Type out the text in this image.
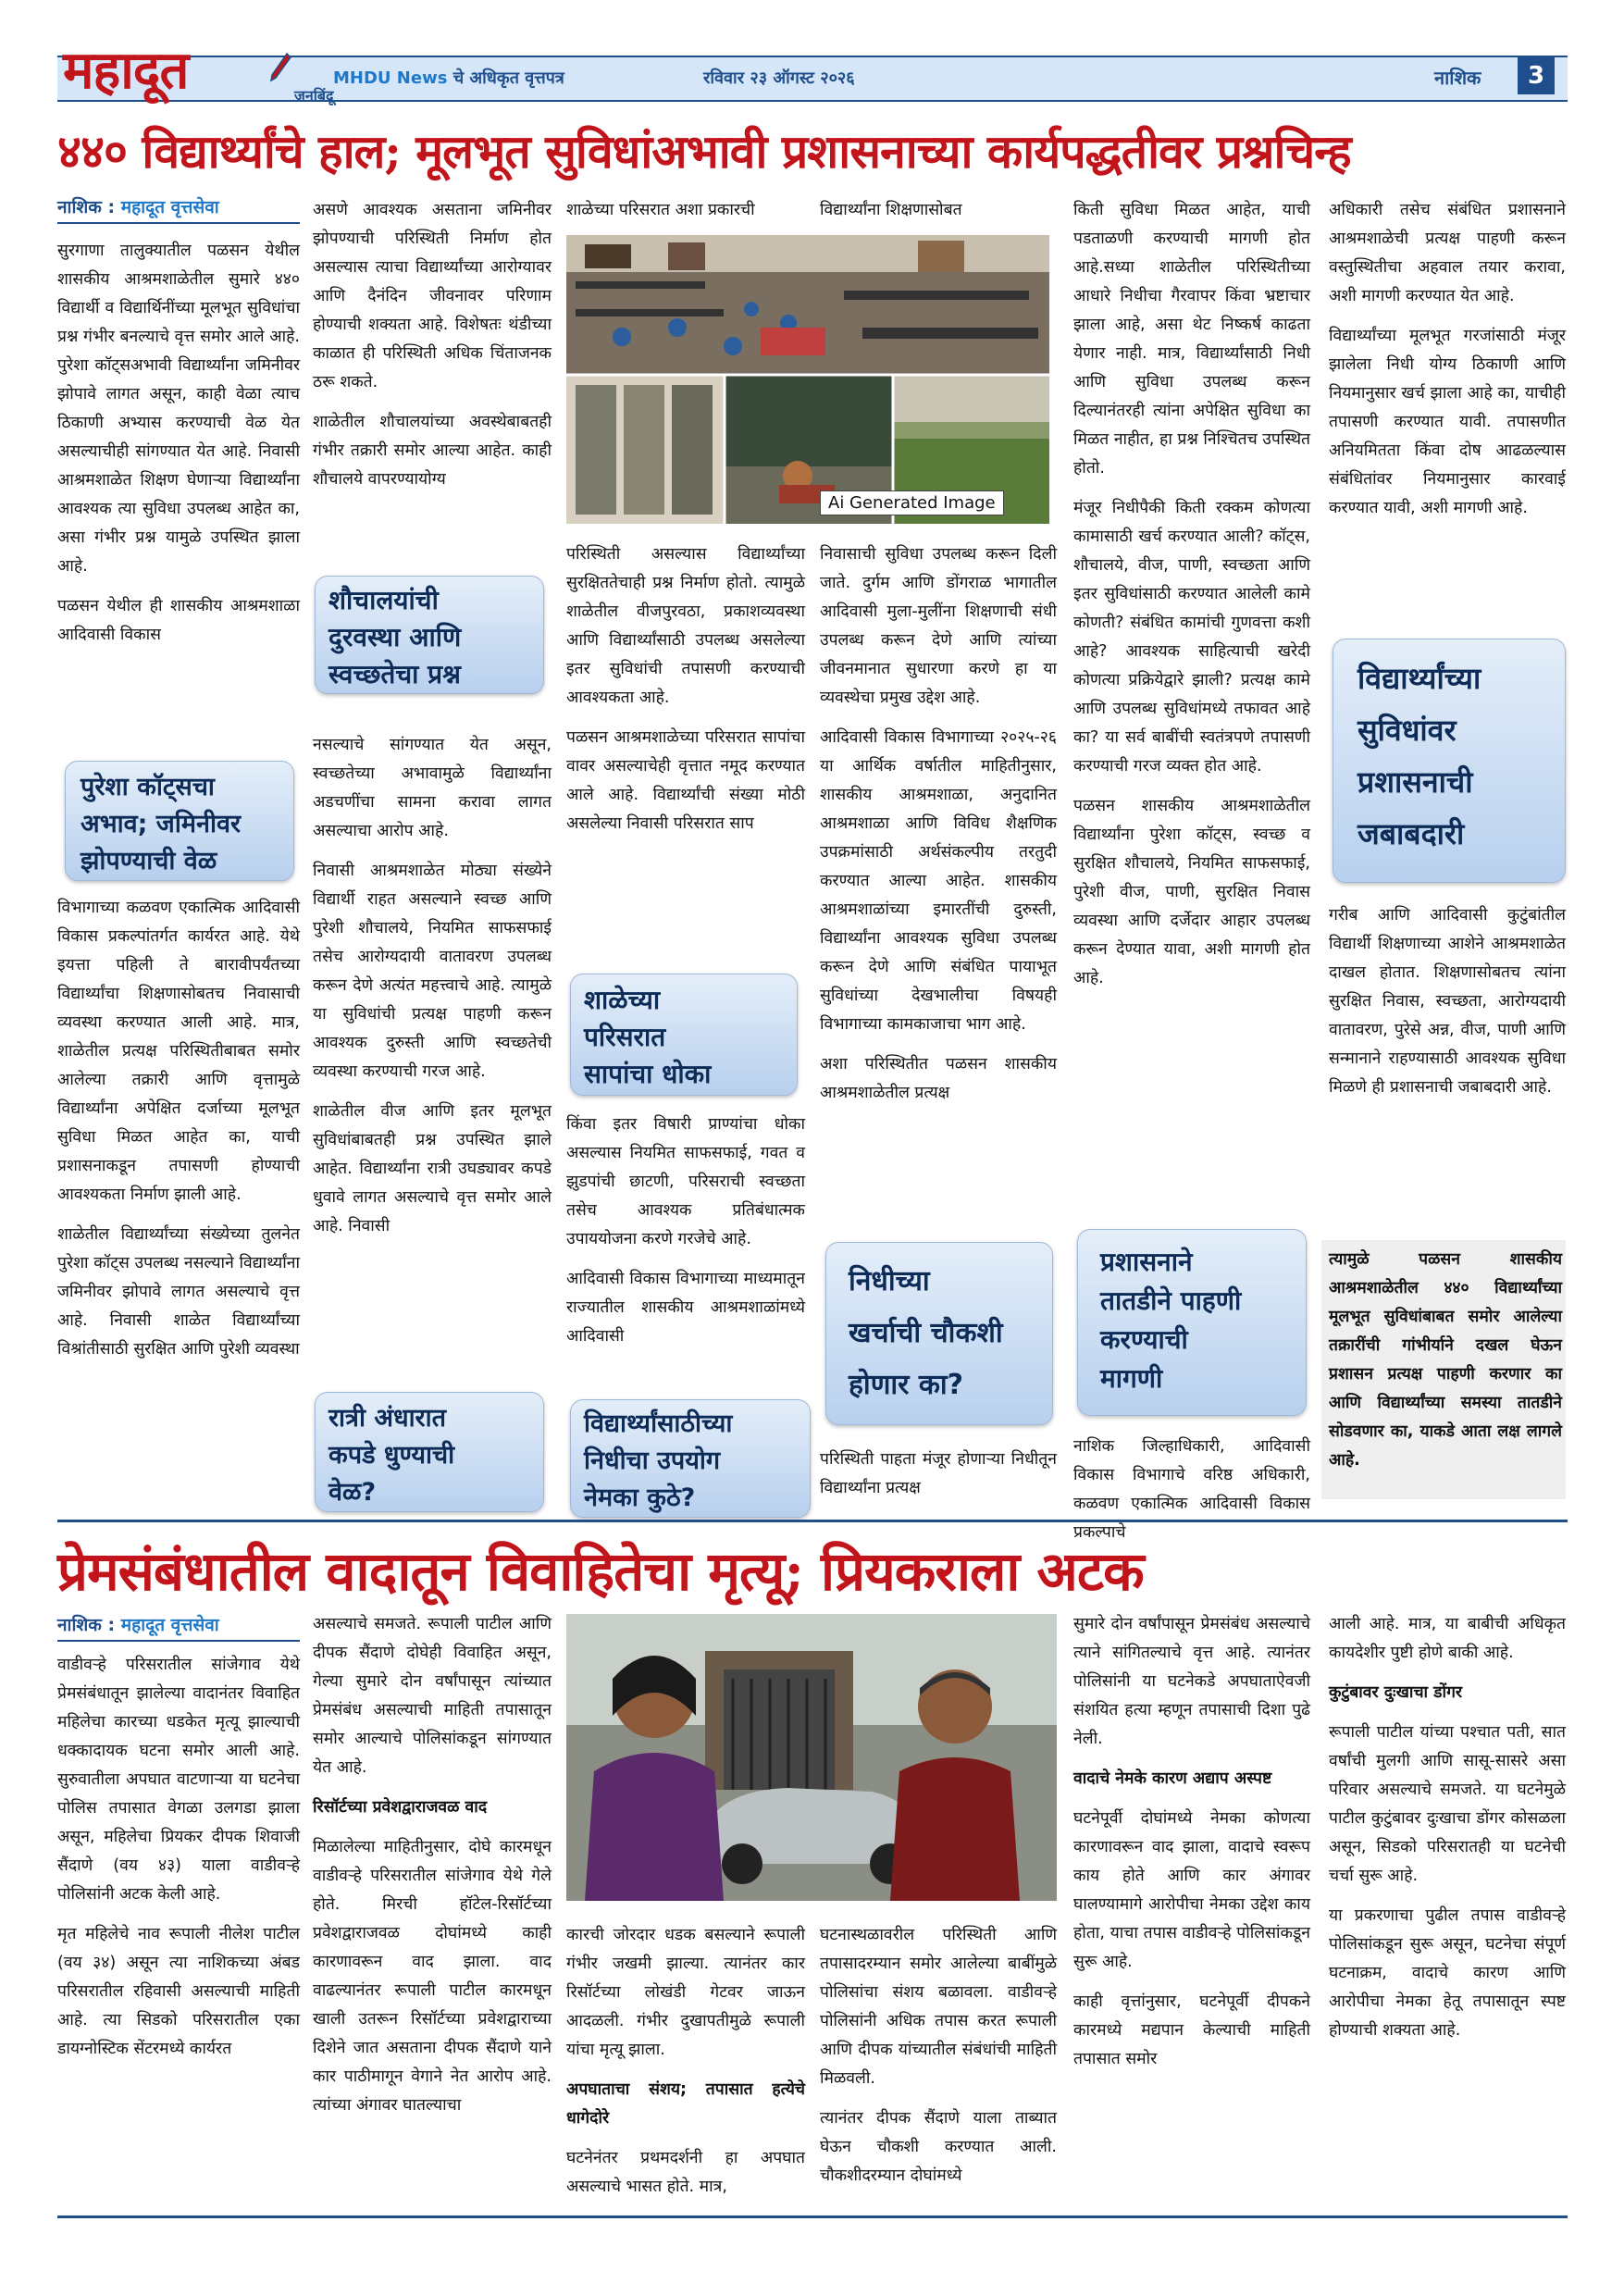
महादूत	जनबिंदू
MHDU News चे अधिकृत वृत्तपत्र	रविवार २३ ऑगस्ट २०२६	नाशिक	3
४४० विद्यार्थ्यांचे हाल; मूलभूत सुविधांअभावी प्रशासनाच्या कार्यपद्धतीवर प्रश्नचिन्ह
नाशिक : महादूत वृत्तसेवा

सुरगाणा तालुक्यातील पळसन येथील शासकीय आश्रमशाळेतील सुमारे ४४० विद्यार्थी व विद्यार्थिनींच्या मूलभूत सुविधांचा प्रश्न गंभीर बनल्याचे वृत्त समोर आले आहे. पुरेशा कॉट्सअभावी विद्यार्थ्यांना जमिनीवर झोपावे लागत असून, काही वेळा त्याच ठिकाणी अभ्यास करण्याची वेळ येत असल्याचीही सांगण्यात येत आहे. निवासी आश्रमशाळेत शिक्षण घेणाऱ्या विद्यार्थ्यांना आवश्यक त्या सुविधा उपलब्ध आहेत का, असा गंभीर प्रश्न यामुळे उपस्थित झाला आहे.

पळसन येथील ही शासकीय आश्रमशाळा आदिवासी विकास

पुरेशा कॉट्सचा
अभाव; जमिनीवर
झोपण्याची वेळ

विभागाच्या कळवण एकात्मिक आदिवासी विकास प्रकल्पांतर्गत कार्यरत आहे. येथे इयत्ता पहिली ते बारावीपर्यंतच्या विद्यार्थ्यांचा शिक्षणासोबतच निवासाची व्यवस्था करण्यात आली आहे. मात्र, शाळेतील प्रत्यक्ष परिस्थितीबाबत समोर आलेल्या तक्रारी आणि वृत्तामुळे विद्यार्थ्यांना अपेक्षित दर्जाच्या मूलभूत सुविधा मिळत आहेत का, याची प्रशासनाकडून तपासणी होण्याची आवश्यकता निर्माण झाली आहे.

शाळेतील विद्यार्थ्यांच्या संख्येच्या तुलनेत पुरेशा कॉट्स उपलब्ध नसल्याने विद्यार्थ्यांना जमिनीवर झोपावे लागत असल्याचे वृत्त आहे. निवासी शाळेत विद्यार्थ्यांच्या विश्रांतीसाठी सुरक्षित आणि पुरेशी व्यवस्था

असणे आवश्यक असताना जमिनीवर झोपण्याची परिस्थिती निर्माण होत असल्यास त्याचा विद्यार्थ्यांच्या आरोग्यावर आणि दैनंदिन जीवनावर परिणाम होण्याची शक्यता आहे. विशेषतः थंडीच्या काळात ही परिस्थिती अधिक चिंताजनक ठरू शकते.

शाळेतील शौचालयांच्या अवस्थेबाबतही गंभीर तक्रारी समोर आल्या आहेत. काही शौचालये वापरण्यायोग्य

शौचालयांची
दुरवस्था आणि
स्वच्छतेचा प्रश्न

नसल्याचे सांगण्यात येत असून, स्वच्छतेच्या अभावामुळे विद्यार्थ्यांना अडचणींचा सामना करावा लागत असल्याचा आरोप आहे.

निवासी आश्रमशाळेत मोठ्या संख्येने विद्यार्थी राहत असल्याने स्वच्छ आणि पुरेशी शौचालये, नियमित साफसफाई तसेच आरोग्यदायी वातावरण उपलब्ध करून देणे अत्यंत महत्त्वाचे आहे. त्यामुळे या सुविधांची प्रत्यक्ष पाहणी करून आवश्यक दुरुस्ती आणि स्वच्छतेची व्यवस्था करण्याची गरज आहे.

शाळेतील वीज आणि इतर मूलभूत सुविधांबाबतही प्रश्न उपस्थित झाले आहेत. विद्यार्थ्यांना रात्री उघड्यावर कपडे धुवावे लागत असल्याचे वृत्त समोर आले आहे. निवासी

रात्री अंधारात
कपडे धुण्याची
वेळ?
शाळेच्या परिसरात अशा प्रकारची
Ai Generated Image

परिस्थिती असल्यास विद्यार्थ्यांच्या सुरक्षिततेचाही प्रश्न निर्माण होतो. त्यामुळे शाळेतील वीजपुरवठा, प्रकाशव्यवस्था आणि विद्यार्थ्यांसाठी उपलब्ध असलेल्या इतर सुविधांची तपासणी करण्याची आवश्यकता आहे.

पळसन आश्रमशाळेच्या परिसरात सापांचा वावर असल्याचेही वृत्तात नमूद करण्यात आले आहे. विद्यार्थ्यांची संख्या मोठी असलेल्या निवासी परिसरात साप

शाळेच्या
परिसरात
सापांचा धोका

किंवा इतर विषारी प्राण्यांचा धोका असल्यास नियमित साफसफाई, गवत व झुडपांची छाटणी, परिसराची स्वच्छता तसेच आवश्यक प्रतिबंधात्मक उपाययोजना करणे गरजेचे आहे.

आदिवासी विकास विभागाच्या माध्यमातून राज्यातील शासकीय आश्रमशाळांमध्ये आदिवासी

विद्यार्थ्यांसाठीच्या
निधीचा उपयोग
नेमका कुठे?
विद्यार्थ्यांना शिक्षणासोबत

निवासाची सुविधा उपलब्ध करून दिली जाते. दुर्गम आणि डोंगराळ भागातील आदिवासी मुला-मुलींना शिक्षणाची संधी उपलब्ध करून देणे आणि त्यांच्या जीवनमानात सुधारणा करणे हा या व्यवस्थेचा प्रमुख उद्देश आहे.

आदिवासी विकास विभागाच्या २०२५-२६ या आर्थिक वर्षातील माहितीनुसार, शासकीय आश्रमशाळा, अनुदानित आश्रमशाळा आणि विविध शैक्षणिक उपक्रमांसाठी अर्थसंकल्पीय तरतुदी करण्यात आल्या आहेत. शासकीय आश्रमशाळांच्या इमारतींची दुरुस्ती, विद्यार्थ्यांना आवश्यक सुविधा उपलब्ध करून देणे आणि संबंधित पायाभूत सुविधांच्या देखभालीचा विषयही विभागाच्या कामकाजाचा भाग आहे.

अशा परिस्थितीत पळसन शासकीय आश्रमशाळेतील प्रत्यक्ष

निधीच्या
खर्चाची चौकशी
होणार का?

परिस्थिती पाहता मंजूर होणाऱ्या निधीतून विद्यार्थ्यांना प्रत्यक्ष

किती सुविधा मिळत आहेत, याची पडताळणी करण्याची मागणी होत आहे.सध्या शाळेतील परिस्थितीच्या आधारे निधीचा गैरवापर किंवा भ्रष्टाचार झाला आहे, असा थेट निष्कर्ष काढता येणार नाही. मात्र, विद्यार्थ्यांसाठी निधी आणि सुविधा उपलब्ध करून दिल्यानंतरही त्यांना अपेक्षित सुविधा का मिळत नाहीत, हा प्रश्न निश्चितच उपस्थित होतो.

मंजूर निधीपैकी किती रक्कम कोणत्या कामासाठी खर्च करण्यात आली? कॉट्स, शौचालये, वीज, पाणी, स्वच्छता आणि इतर सुविधांसाठी करण्यात आलेली कामे कोणती? संबंधित कामांची गुणवत्ता कशी आहे? आवश्यक साहित्याची खरेदी कोणत्या प्रक्रियेद्वारे झाली? प्रत्यक्ष कामे आणि उपलब्ध सुविधांमध्ये तफावत आहे का? या सर्व बाबींची स्वतंत्रपणे तपासणी करण्याची गरज व्यक्त होत आहे.

पळसन शासकीय आश्रमशाळेतील विद्यार्थ्यांना पुरेशा कॉट्स, स्वच्छ व सुरक्षित शौचालये, नियमित साफसफाई, पुरेशी वीज, पाणी, सुरक्षित निवास व्यवस्था आणि दर्जेदार आहार उपलब्ध करून देण्यात यावा, अशी मागणी होत आहे.

प्रशासनाने
तातडीने पाहणी
करण्याची
मागणी

नाशिक जिल्हाधिकारी, आदिवासी विकास विभागाचे वरिष्ठ अधिकारी, कळवण एकात्मिक आदिवासी विकास प्रकल्पाचे

अधिकारी तसेच संबंधित प्रशासनाने आश्रमशाळेची प्रत्यक्ष पाहणी करून वस्तुस्थितीचा अहवाल तयार करावा, अशी मागणी करण्यात येत आहे.

विद्यार्थ्यांच्या मूलभूत गरजांसाठी मंजूर झालेला निधी योग्य ठिकाणी आणि नियमानुसार खर्च झाला आहे का, याचीही तपासणी करण्यात यावी. तपासणीत अनियमितता किंवा दोष आढळल्यास संबंधितांवर नियमानुसार कारवाई करण्यात यावी, अशी मागणी आहे.

विद्यार्थ्यांच्या
सुविधांवर
प्रशासनाची
जबाबदारी

गरीब आणि आदिवासी कुटुंबांतील विद्यार्थी शिक्षणाच्या आशेने आश्रमशाळेत दाखल होतात. शिक्षणासोबतच त्यांना सुरक्षित निवास, स्वच्छता, आरोग्यदायी वातावरण, पुरेसे अन्न, वीज, पाणी आणि सन्मानाने राहण्यासाठी आवश्यक सुविधा मिळणे ही प्रशासनाची जबाबदारी आहे.

त्यामुळे पळसन शासकीय आश्रमशाळेतील ४४० विद्यार्थ्यांच्या मूलभूत सुविधांबाबत समोर आलेल्या तक्रारींची गांभीर्याने दखल घेऊन प्रशासन प्रत्यक्ष पाहणी करणार का आणि विद्यार्थ्यांच्या समस्या तातडीने सोडवणार का, याकडे आता लक्ष लागले आहे.
प्रेमसंबंधातील वादातून विवाहितेचा मृत्यू; प्रियकराला अटक
नाशिक : महादूत वृत्तसेवा

वाडीवऱ्हे परिसरातील सांजेगाव येथे प्रेमसंबंधातून झालेल्या वादानंतर विवाहित महिलेचा कारच्या धडकेत मृत्यू झाल्याची धक्कादायक घटना समोर आली आहे. सुरुवातीला अपघात वाटणाऱ्या या घटनेचा पोलिस तपासात वेगळा उलगडा झाला असून, महिलेचा प्रियकर दीपक शिवाजी सैंदाणे (वय ४३) याला वाडीवऱ्हे पोलिसांनी अटक केली आहे.

मृत महिलेचे नाव रूपाली नीलेश पाटील (वय ३४) असून त्या नाशिकच्या अंबड परिसरातील रहिवासी असल्याची माहिती आहे. त्या सिडको परिसरातील एका डायग्नोस्टिक सेंटरमध्ये कार्यरत

असल्याचे समजते. रूपाली पाटील आणि दीपक सैंदाणे दोघेही विवाहित असून, गेल्या सुमारे दोन वर्षांपासून त्यांच्यात प्रेमसंबंध असल्याची माहिती तपासातून समोर आल्याचे पोलिसांकडून सांगण्यात येत आहे.

रिसॉर्टच्या प्रवेशद्वाराजवळ वाद

मिळालेल्या माहितीनुसार, दोघे कारमधून वाडीवऱ्हे परिसरातील सांजेगाव येथे गेले होते. मिरची हॉटेल-रिसॉर्टच्या प्रवेशद्वाराजवळ दोघांमध्ये काही कारणावरून वाद झाला. वाद वाढल्यानंतर रूपाली पाटील कारमधून खाली उतरून रिसॉर्टच्या प्रवेशद्वाराच्या दिशेने जात असताना दीपक सैंदाणे याने कार पाठीमागून वेगाने नेत आरोप आहे. त्यांच्या अंगावर घातल्याचा

कारची जोरदार धडक बसल्याने रूपाली गंभीर जखमी झाल्या. त्यानंतर कार रिसॉर्टच्या लोखंडी गेटवर जाऊन आदळली. गंभीर दुखापतीमुळे रूपाली यांचा मृत्यू झाला.

अपघाताचा संशय; तपासात हत्येचे धागेदोरे

घटनेनंतर प्रथमदर्शनी हा अपघात असल्याचे भासत होते. मात्र,

घटनास्थळावरील परिस्थिती आणि तपासादरम्यान समोर आलेल्या बाबींमुळे पोलिसांचा संशय बळावला. वाडीवऱ्हे पोलिसांनी अधिक तपास करत रूपाली आणि दीपक यांच्यातील संबंधांची माहिती मिळवली.

त्यानंतर दीपक सैंदाणे याला ताब्यात घेऊन चौकशी करण्यात आली. चौकशीदरम्यान दोघांमध्ये

सुमारे दोन वर्षांपासून प्रेमसंबंध असल्याचे त्याने सांगितल्याचे वृत्त आहे. त्यानंतर पोलिसांनी या घटनेकडे अपघाताऐवजी संशयित हत्या म्हणून तपासाची दिशा पुढे नेली.

वादाचे नेमके कारण अद्याप अस्पष्ट

घटनेपूर्वी दोघांमध्ये नेमका कोणत्या कारणावरून वाद झाला, वादाचे स्वरूप काय होते आणि कार अंगावर घालण्यामागे आरोपीचा नेमका उद्देश काय होता, याचा तपास वाडीवऱ्हे पोलिसांकडून सुरू आहे.

काही वृत्तांनुसार, घटनेपूर्वी दीपकने कारमध्ये मद्यपान केल्याची माहिती तपासात समोर

आली आहे. मात्र, या बाबीची अधिकृत कायदेशीर पुष्टी होणे बाकी आहे.

कुटुंबावर दुःखाचा डोंगर

रूपाली पाटील यांच्या पश्चात पती, सात वर्षांची मुलगी आणि सासू-सासरे असा परिवार असल्याचे समजते. या घटनेमुळे पाटील कुटुंबावर दुःखाचा डोंगर कोसळला असून, सिडको परिसरातही या घटनेची चर्चा सुरू आहे.

या प्रकरणाचा पुढील तपास वाडीवऱ्हे पोलिसांकडून सुरू असून, घटनेचा संपूर्ण घटनाक्रम, वादाचे कारण आणि आरोपीचा नेमका हेतू तपासातून स्पष्ट होण्याची शक्यता आहे.
